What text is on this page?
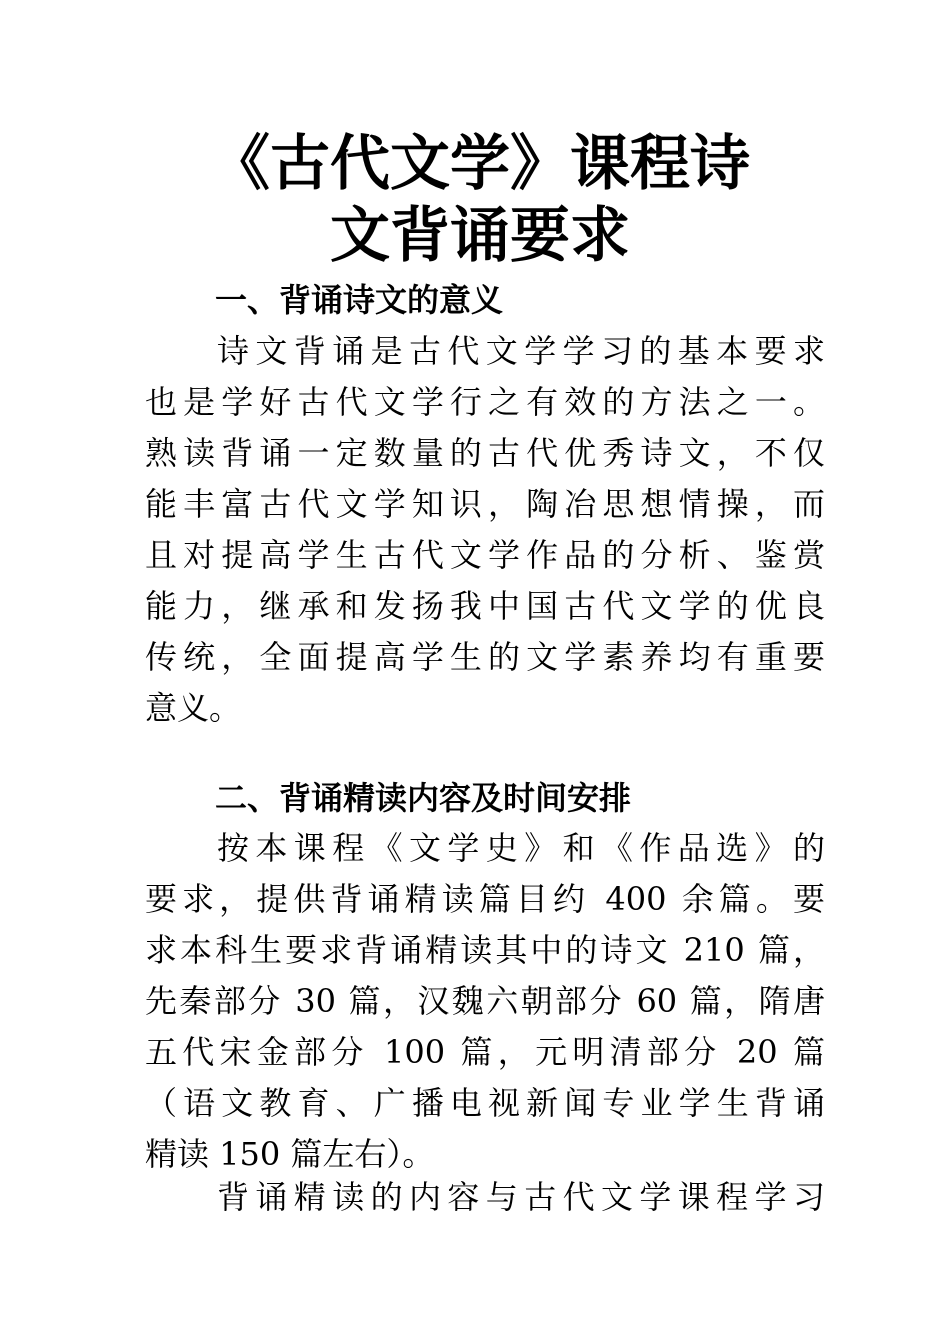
《古代文学》课程诗
文背诵要求
一、背诵诗文的意义
诗文背诵是古代文学学习的基本要求
也是学好古代文学行之有效的方法之一。
熟读背诵一定数量的古代优秀诗文，不仅
能丰富古代文学知识，陶冶思想情操，而
且对提高学生古代文学作品的分析、鉴赏
能力，继承和发扬我中国古代文学的优良
传统，全面提高学生的文学素养均有重要
意义。
二、背诵精读内容及时间安排
按本课程《文学史》和《作品选》的
要求，提供背诵精读篇目约 400 余篇。要
求本科生要求背诵精读其中的诗文 210 篇，
先秦部分 30 篇，汉魏六朝部分 60 篇，隋唐
五代宋金部分 100 篇，元明清部分 20 篇
（语文教育、广播电视新闻专业学生背诵
精读 150 篇左右）。
背诵精读的内容与古代文学课程学习
